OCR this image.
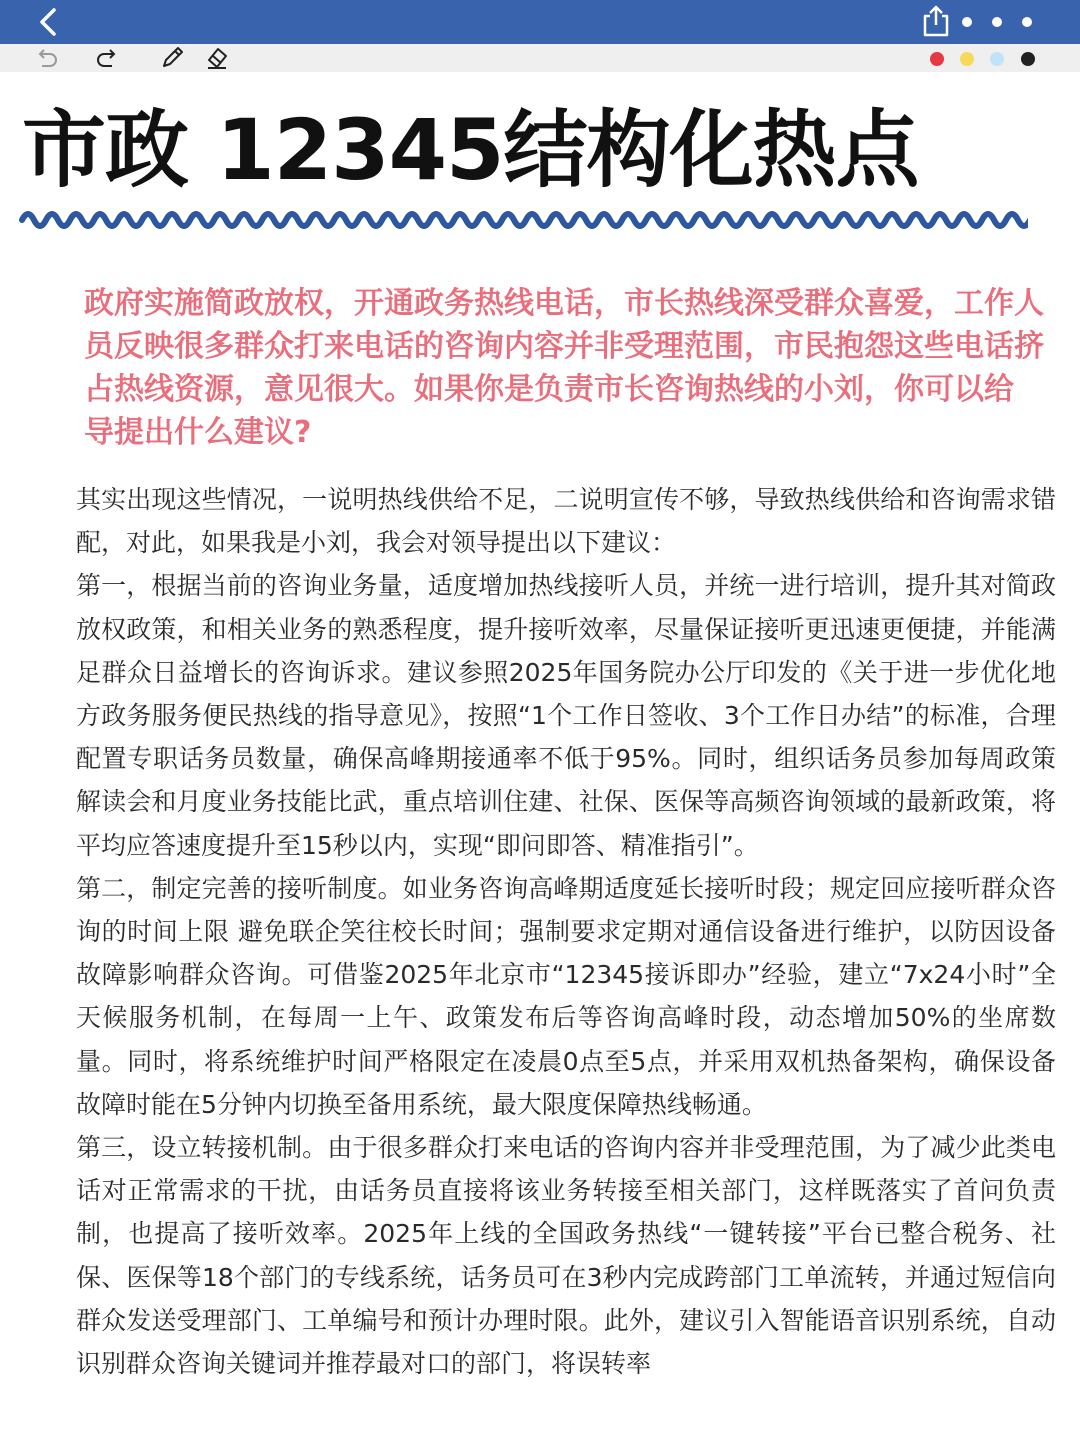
市政 12345结构化热点
政府实施简政放权，开通政务热线电话，市长热线深受群众喜爱，工作人员反映很多群众打来电话的咨询内容并非受理范围，市民抱怨这些电话挤占热线资源，意见很大。如果你是负责市长咨询热线的小刘，你可以给 导提出什么建议?

其实出现这些情况，一说明热线供给不足，二说明宣传不够，导致热线供给和咨询需求错配，对此，如果我是小刘，我会对领导提出以下建议：

第一，根据当前的咨询业务量，适度增加热线接听人员，并统一进行培训，提升其对简政放权政策，和相关业务的熟悉程度，提升接听效率，尽量保证接听更迅速更便捷，并能满足群众日益增长的咨询诉求。建议参照2025年国务院办公厅印发的《关于进一步优化地方政务服务便民热线的指导意见》，按照“1个工作日签收、3个工作日办结”的标准，合理配置专职话务员数量，确保高峰期接通率不低于95%。同时，组织话务员参加每周政策解读会和月度业务技能比武，重点培训住建、社保、医保等高频咨询领域的最新政策，将平均应答速度提升至15秒以内，实现“即问即答、精准指引”。

第二，制定完善的接听制度。如业务咨询高峰期适度延长接听时段；规定回应接听群众咨询的时间上限 避免联企笑往校长时间；强制要求定期对通信设备进行维护，以防因设备故障影响群众咨询。可借鉴2025年北京市“12345接诉即办”经验，建立“7x24小时”全天候服务机制，在每周一上午、政策发布后等咨询高峰时段，动态增加50%的坐席数量。同时，将系统维护时间严格限定在凌晨0点至5点，并采用双机热备架构，确保设备故障时能在5分钟内切换至备用系统，最大限度保障热线畅通。

第三，设立转接机制。由于很多群众打来电话的咨询内容并非受理范围，为了减少此类电话对正常需求的干扰，由话务员直接将该业务转接至相关部门，这样既落实了首问负责制，也提高了接听效率。2025年上线的全国政务热线“一键转接”平台已整合税务、社保、医保等18个部门的专线系统，话务员可在3秒内完成跨部门工单流转，并通过短信向群众发送受理部门、工单编号和预计办理时限。此外，建议引入智能语音识别系统，自动识别群众咨询关键词并推荐最对口的部门，将误转率
